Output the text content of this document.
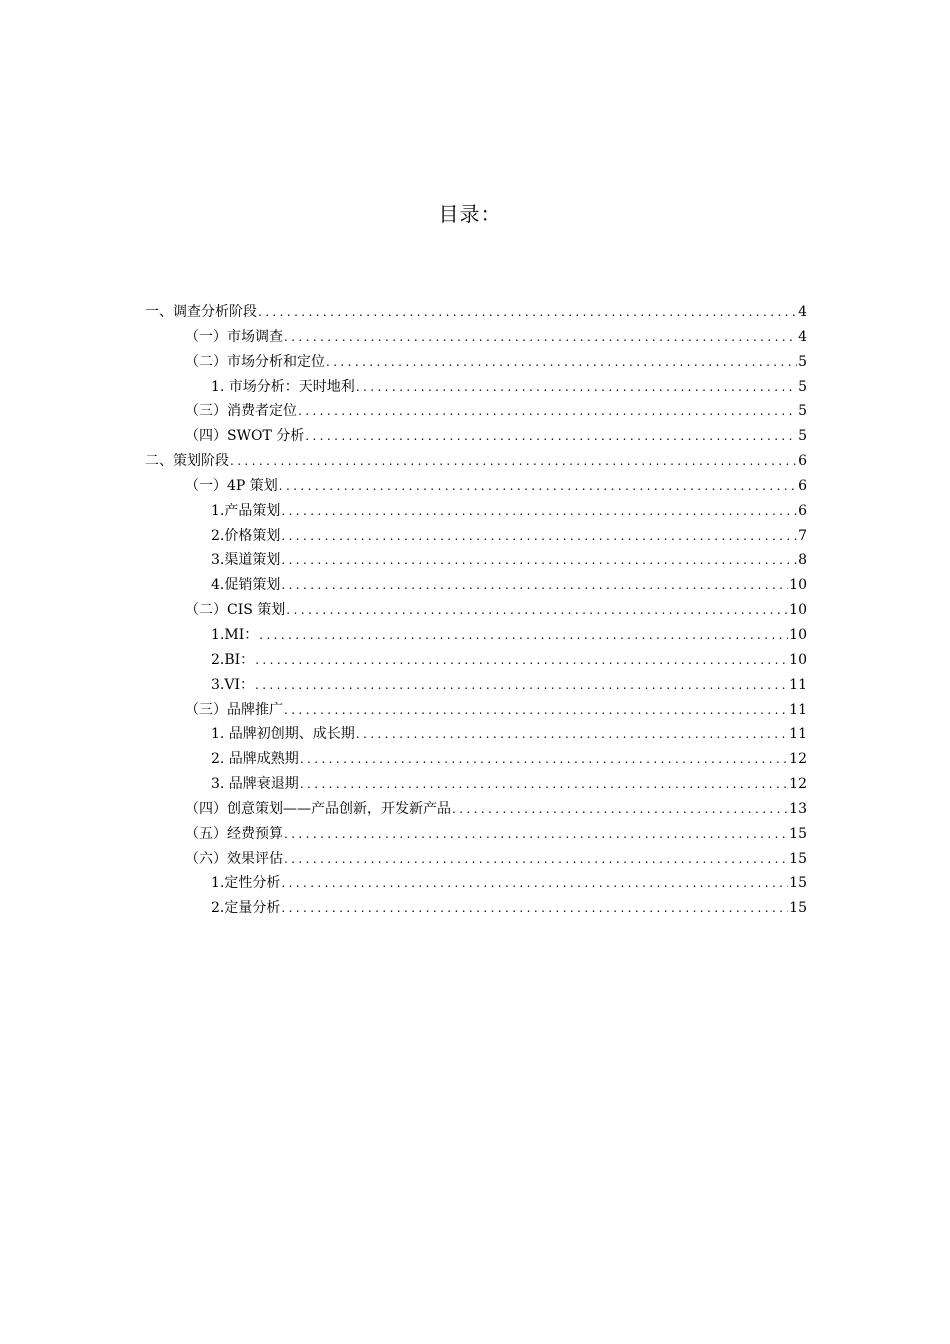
目录：
一、调查分析阶段 .....	4
（一）市场调查 .....	4
（二）市场分析和定位 .....	5
1. 市场分析：天时地利 .....	5
（三）消费者定位 .....	5
（四）SWOT 分析 .....	5
二、策划阶段 .....	6
（一）4P 策划 .....	6
1.产品策划 .....	6
2.价格策划 .....	7
3.渠道策划 .....	8
4.促销策划 .....	10
（二）CIS 策划 .....	10
1.MI： .....	10
2.BI： .....	10
3.VI： .....	11
（三）品牌推广 .....	11
1. 品牌初创期、成长期 .....	11
2. 品牌成熟期 .....	12
3. 品牌衰退期 .....	12
（四）创意策划——产品创新，开发新产品 .....	13
（五）经费预算 .....	15
（六）效果评估 .....	15
1.定性分析 .....	15
2.定量分析 .....	15
